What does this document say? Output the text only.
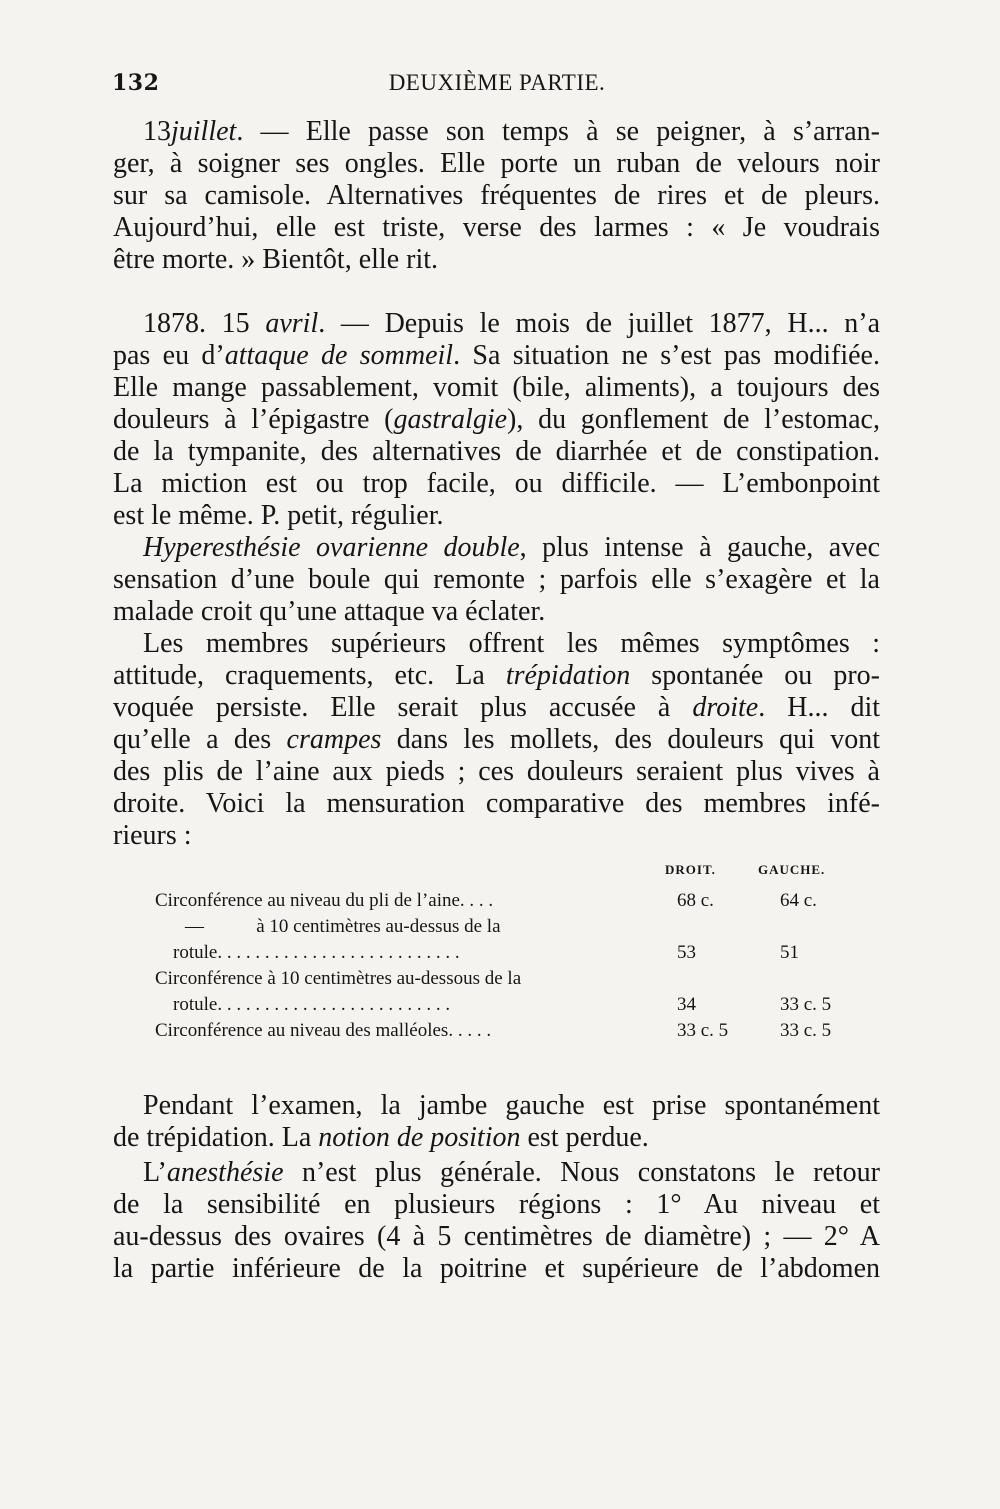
132	DEUXIÈME PARTIE.
13juillet. — Elle passe son temps à se peigner, à s’arran-
ger, à soigner ses ongles. Elle porte un ruban de velours noir
sur sa camisole. Alternatives fréquentes de rires et de pleurs.
Aujourd’hui, elle est triste, verse des larmes : « Je voudrais
être morte. » Bientôt, elle rit.
1878. 15 avril. — Depuis le mois de juillet 1877, H... n’a
pas eu d’attaque de sommeil. Sa situation ne s’est pas modifiée.
Elle mange passablement, vomit (bile, aliments), a toujours des
douleurs à l’épigastre (gastralgie), du gonflement de l’estomac,
de la tympanite, des alternatives de diarrhée et de constipation.
La miction est ou trop facile, ou difficile. — L’embonpoint
est le même. P. petit, régulier.
Hyperesthésie ovarienne double, plus intense à gauche, avec
sensation d’une boule qui remonte ; parfois elle s’exagère et la
malade croit qu’une attaque va éclater.
Les membres supérieurs offrent les mêmes symptômes :
attitude, craquements, etc. La trépidation spontanée ou pro-
voquée persiste. Elle serait plus accusée à droite. H... dit
qu’elle a des crampes dans les mollets, des douleurs qui vont
des plis de l’aine aux pieds ; ces douleurs seraient plus vives à
droite. Voici la mensuration comparative des membres infé-
rieurs :
DROIT.	GAUCHE.
Circonférence au niveau du pli de l’aine. . . .	68 c.	64 c.
—           à 10 centimètres au-dessus de la
rotule. . . . . . . . . . . . . . . . . . . . . . . . . .	53	51
Circonférence à 10 centimètres au-dessous de la
rotule. . . . . . . . . . . . . . . . . . . . . . . . .	34	33 c. 5
Circonférence au niveau des malléoles. . . . .	33 c. 5	33 c. 5
Pendant l’examen, la jambe gauche est prise spontanément
de trépidation. La notion de position est perdue.
L’anesthésie n’est plus générale. Nous constatons le retour
de la sensibilité en plusieurs régions : 1° Au niveau et
au-dessus des ovaires (4 à 5 centimètres de diamètre) ; — 2° A
la partie inférieure de la poitrine et supérieure de l’abdomen
